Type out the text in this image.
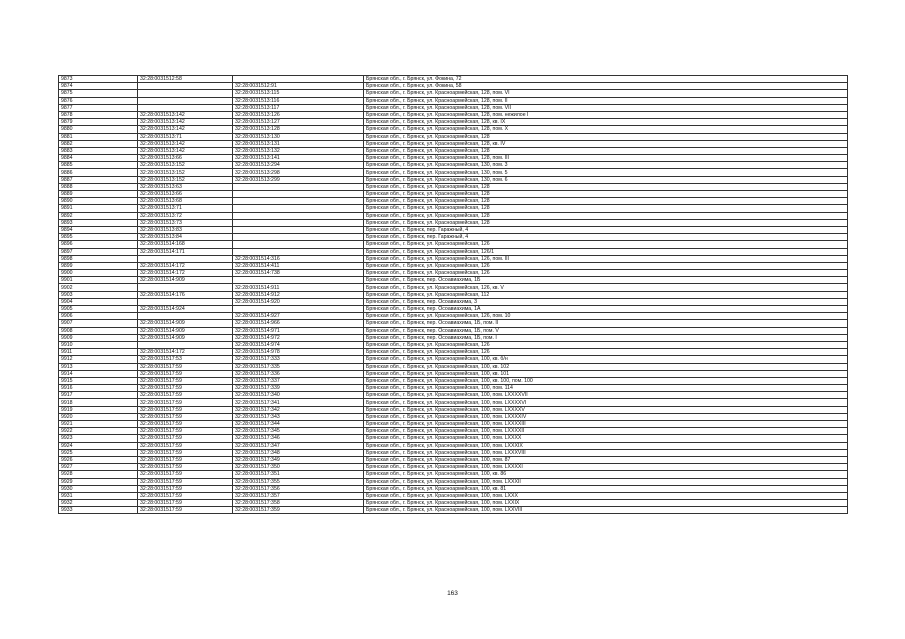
9873	32:28:0031512:58		Брянская обл., г. Брянск, ул. Фокина, 72
9874		32:28:0031512:91	Брянская обл., г. Брянск, ул. Фокина, 58
9875		32:28:0031513:115	Брянская обл., г. Брянск, ул. Красноармейская, 128, пом. VI
9876		32:28:0031513:116	Брянская обл., г. Брянск, ул. Красноармейская, 128, пом. II
9877		32:28:0031513:117	Брянская обл., г. Брянск, ул. Красноармейская, 128, пом. VII
9878	32:28:0031513:142	32:28:0031513:126	Брянская обл., г. Брянск, ул. Красноармейская, 128, пом. нежилое I
9879	32:28:0031513:142	32:28:0031513:127	Брянская обл., г. Брянск, ул. Красноармейская, 128, кв. IX
9880	32:28:0031513:142	32:28:0031513:128	Брянская обл., г. Брянск, ул. Красноармейская, 128, пом. X
9881	32:28:0031513:71	32:28:0031513:130	Брянская обл., г. Брянск, ул. Красноармейская, 128
9882	32:28:0031513:142	32:28:0031513:131	Брянская обл., г. Брянск, ул. Красноармейская, 128, кв. IV
9883	32:28:0031513:142	32:28:0031513:132	Брянская обл., г. Брянск, ул. Красноармейская, 128
9884	32:28:0031513:66	32:28:0031513:141	Брянская обл., г. Брянск, ул. Красноармейская, 128, пом. III
9885	32:28:0031513:152	32:28:0031513:294	Брянская обл., г. Брянск, ул. Красноармейская, 130, пом. 3
9886	32:28:0031513:152	32:28:0031513:298	Брянская обл., г. Брянск, ул. Красноармейская, 130, пом. 5
9887	32:28:0031513:152	32:28:0031513:299	Брянская обл., г. Брянск, ул. Красноармейская, 130, пом. 6
9888	32:28:0031513:63		Брянская обл., г. Брянск, ул. Красноармейская, 128
9889	32:28:0031513:66		Брянская обл., г. Брянск, ул. Красноармейская, 128
9890	32:28:0031513:68		Брянская обл., г. Брянск, ул. Красноармейская, 128
9891	32:28:0031513:71		Брянская обл., г. Брянск, ул. Красноармейская, 128
9892	32:28:0031513:72		Брянская обл., г. Брянск, ул. Красноармейская, 128
9893	32:28:0031513:73		Брянская обл., г. Брянск, ул. Красноармейская, 128
9894	32:28:0031513:83		Брянская обл., г. Брянск, пер. Гаражный, 4
9895	32:28:0031513:84		Брянская обл., г. Брянск, пер. Гаражный, 4
9896	32:28:0031514:168		Брянская обл., г. Брянск, ул. Красноармейская, 126
9897	32:28:0031514:171		Брянская обл., г. Брянск, ул. Красноармейская, 126/1
9898		32:28:0031514:316	Брянская обл., г. Брянск, ул. Красноармейская, 126, пом. III
9899	32:28:0031514:172	32:28:0031514:411	Брянская обл., г. Брянск, ул. Красноармейская, 126
9900	32:28:0031514:172	32:28:0031514:738	Брянская обл., г. Брянск, ул. Красноармейская, 126
9901	32:28:0031514:909		Брянская обл., г. Брянск, пер. Осоавиахима, 1Б
9902		32:28:0031514:911	Брянская обл., г. Брянск, ул. Красноармейская, 126, кв. V
9903	32:28:0031514:176	32:28:0031514:912	Брянская обл., г. Брянск, ул. Красноармейская, 112
9904		32:28:0031514:920	Брянская обл., г. Брянск, пер. Осоавиахима, 3
9905	32:28:0031514:924		Брянская обл., г. Брянск, пер. Осоавиахима, 1А
9906		32:28:0031514:927	Брянская обл., г. Брянск, ул. Красноармейская, 126, пом. 10
9907	32:28:0031514:909	32:28:0031514:966	Брянская обл., г. Брянск, пер. Осоавиахима, 1Б, пом. II
9908	32:28:0031514:909	32:28:0031514:971	Брянская обл., г. Брянск, пер. Осоавиахима, 1Б, пом. V
9909	32:28:0031514:909	32:28:0031514:972	Брянская обл., г. Брянск, пер. Осоавиахима, 1Б, пом. I
9910		32:28:0031514:974	Брянская обл., г. Брянск, ул. Красноармейская, 126
9911	32:28:0031514:172	32:28:0031514:978	Брянская обл., г. Брянск, ул. Красноармейская, 126
9912	32:28:0031517:53	32:28:0031517:333	Брянская обл., г. Брянск, ул. Красноармейская, 100, кв. б/н
9913	32:28:0031517:59	32:28:0031517:335	Брянская обл., г. Брянск, ул. Красноармейская, 100, кв. 102
9914	32:28:0031517:59	32:28:0031517:336	Брянская обл., г. Брянск, ул. Красноармейская, 100, кв. 101
9915	32:28:0031517:59	32:28:0031517:337	Брянская обл., г. Брянск, ул. Красноармейская, 100, кв. 100, пом. 100
9916	32:28:0031517:59	32:28:0031517:339	Брянская обл., г. Брянск, ул. Красноармейская, 100, пом. 114
9917	32:28:0031517:59	32:28:0031517:340	Брянская обл., г. Брянск, ул. Красноармейская, 100, пом. LXXXXVII
9918	32:28:0031517:59	32:28:0031517:341	Брянская обл., г. Брянск, ул. Красноармейская, 100, пом. LXXXXVI
9919	32:28:0031517:59	32:28:0031517:342	Брянская обл., г. Брянск, ул. Красноармейская, 100, пом. LXXXXV
9920	32:28:0031517:59	32:28:0031517:343	Брянская обл., г. Брянск, ул. Красноармейская, 100, пом. LXXXXIV
9921	32:28:0031517:59	32:28:0031517:344	Брянская обл., г. Брянск, ул. Красноармейская, 100, пом. LXXXXIII
9922	32:28:0031517:59	32:28:0031517:345	Брянская обл., г. Брянск, ул. Красноармейская, 100, пом. LXXXXII
9923	32:28:0031517:59	32:28:0031517:346	Брянская обл., г. Брянск, ул. Красноармейская, 100, пом. LXXXX
9924	32:28:0031517:59	32:28:0031517:347	Брянская обл., г. Брянск, ул. Красноармейская, 100, пом. LXXXIX
9925	32:28:0031517:59	32:28:0031517:348	Брянская обл., г. Брянск, ул. Красноармейская, 100, пом. LXXXVIII
9926	32:28:0031517:59	32:28:0031517:349	Брянская обл., г. Брянск, ул. Красноармейская, 100, пом. 87
9927	32:28:0031517:59	32:28:0031517:350	Брянская обл., г. Брянск, ул. Красноармейская, 100, пом. LXXXXI
9928	32:28:0031517:59	32:28:0031517:351	Брянская обл., г. Брянск, ул. Красноармейская, 100, кв. 86
9929	32:28:0031517:59	32:28:0031517:355	Брянская обл., г. Брянск, ул. Красноармейская, 100, пом. LXXXII
9930	32:28:0031517:59	32:28:0031517:356	Брянская обл., г. Брянск, ул. Красноармейская, 100, кв. 81
9931	32:28:0031517:59	32:28:0031517:357	Брянская обл., г. Брянск, ул. Красноармейская, 100, пом. LXXX
9932	32:28:0031517:59	32:28:0031517:358	Брянская обл., г. Брянск, ул. Красноармейская, 100, пом. LXXIX
9933	32:28:0031517:59	32:28:0031517:359	Брянская обл., г. Брянск, ул. Красноармейская, 100, пом. LXXVIII
163
